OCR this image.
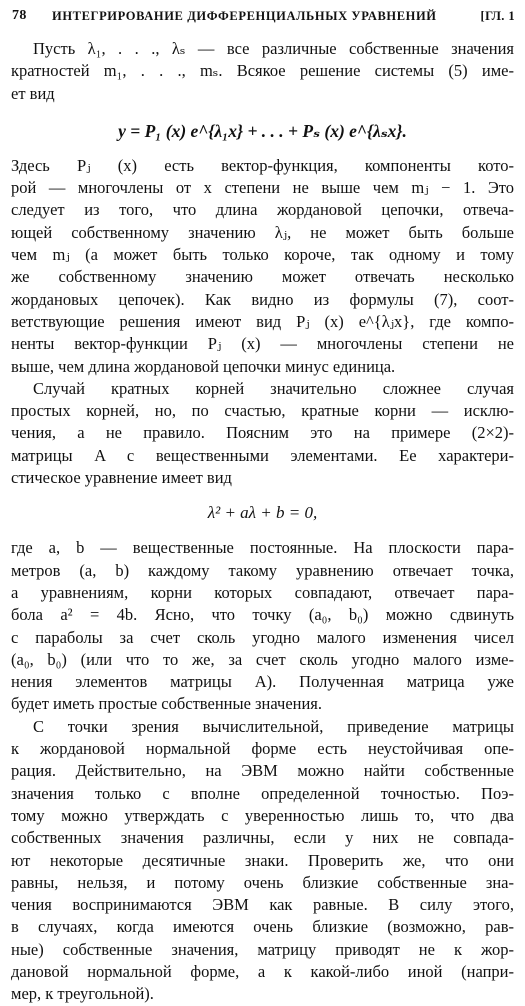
78 ИНТЕГРИРОВАНИЕ ДИФФЕРЕНЦИАЛЬНЫХ УРАВНЕНИЙ	[ГЛ. 1
Пусть λ₁, . . ., λₛ — все различные собственные значения
кратностей m₁, . . ., mₛ. Всякое решение системы (5) име-
ет вид
y = P₁ (x) e^{λ₁x} + . . . + Pₛ (x) e^{λₛx}.
Здесь Pⱼ (x) есть вектор-функция, компоненты кото-
рой — многочлены от x степени не выше чем mⱼ − 1. Это
следует из того, что длина жордановой цепочки, отвеча-
ющей собственному значению λⱼ, не может быть больше
чем mⱼ (а может быть только короче, так одному и тому
же собственному значению может отвечать несколько
жордановых цепочек). Как видно из формулы (7), соот-
ветствующие решения имеют вид Pⱼ (x) e^{λⱼx}, где компо-
ненты вектор-функции Pⱼ (x) — многочлены степени не
выше, чем длина жордановой цепочки минус единица.
Случай кратных корней значительно сложнее случая
простых корней, но, по счастью, кратные корни — исклю-
чения, а не правило. Поясним это на примере (2×2)-
матрицы A с вещественными элементами. Ее характери-
стическое уравнение имеет вид
λ² + aλ + b = 0,
где a, b — вещественные постоянные. На плоскости пара-
метров (a, b) каждому такому уравнению отвечает точка,
а уравнениям, корни которых совпадают, отвечает пара-
бола a² = 4b. Ясно, что точку (a₀, b₀) можно сдвинуть
с параболы за счет сколь угодно малого изменения чисел
(a₀, b₀) (или что то же, за счет сколь угодно малого изме-
нения элементов матрицы A). Полученная матрица уже
будет иметь простые собственные значения.
С точки зрения вычислительной, приведение матрицы
к жордановой нормальной форме есть неустойчивая опе-
рация. Действительно, на ЭВМ можно найти собственные
значения только с вполне определенной точностью. Поэ-
тому можно утверждать с уверенностью лишь то, что два
собственных значения различны, если у них не совпада-
ют некоторые десятичные знаки. Проверить же, что они
равны, нельзя, и потому очень близкие собственные зна-
чения воспринимаются ЭВМ как равные. В силу этого,
в случаях, когда имеются очень близкие (возможно, рав-
ные) собственные значения, матрицу приводят не к жор-
дановой нормальной форме, а к какой-либо иной (напри-
мер, к треугольной).
